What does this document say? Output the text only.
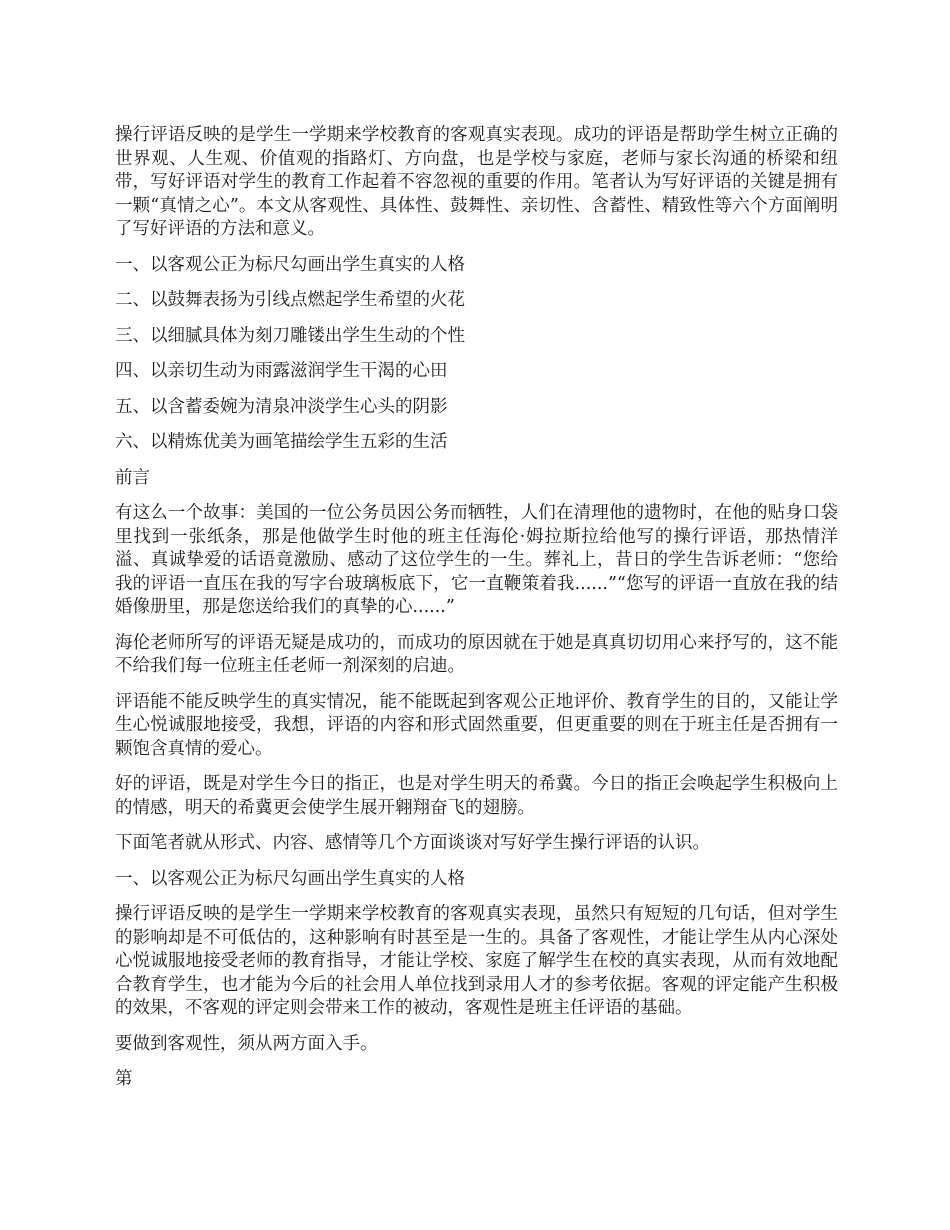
操行评语反映的是学生一学期来学校教育的客观真实表现。成功的评语是帮助学生树立正确的世界观、人生观、价值观的指路灯、方向盘，也是学校与家庭，老师与家长沟通的桥梁和纽带，写好评语对学生的教育工作起着不容忽视的重要的作用。笔者认为写好评语的关键是拥有一颗“真情之心”。本文从客观性、具体性、鼓舞性、亲切性、含蓄性、精致性等六个方面阐明了写好评语的方法和意义。

一、以客观公正为标尺勾画出学生真实的人格

二、以鼓舞表扬为引线点燃起学生希望的火花

三、以细腻具体为刻刀雕镂出学生生动的个性

四、以亲切生动为雨露滋润学生干渴的心田

五、以含蓄委婉为清泉冲淡学生心头的阴影

六、以精炼优美为画笔描绘学生五彩的生活

前言

有这么一个故事：美国的一位公务员因公务而牺牲，人们在清理他的遗物时，在他的贴身口袋里找到一张纸条，那是他做学生时他的班主任海伦·姆拉斯拉给他写的操行评语，那热情洋溢、真诚挚爱的话语竟激励、感动了这位学生的一生。葬礼上，昔日的学生告诉老师：“您给我的评语一直压在我的写字台玻璃板底下，它一直鞭策着我......”“您写的评语一直放在我的结婚像册里，那是您送给我们的真挚的心......”

海伦老师所写的评语无疑是成功的，而成功的原因就在于她是真真切切用心来抒写的，这不能不给我们每一位班主任老师一剂深刻的启迪。

评语能不能反映学生的真实情况，能不能既起到客观公正地评价、教育学生的目的，又能让学生心悦诚服地接受，我想，评语的内容和形式固然重要，但更重要的则在于班主任是否拥有一颗饱含真情的爱心。

好的评语，既是对学生今日的指正，也是对学生明天的希冀。今日的指正会唤起学生积极向上的情感，明天的希冀更会使学生展开翱翔奋飞的翅膀。

下面笔者就从形式、内容、感情等几个方面谈谈对写好学生操行评语的认识。

一、以客观公正为标尺勾画出学生真实的人格

操行评语反映的是学生一学期来学校教育的客观真实表现，虽然只有短短的几句话，但对学生的影响却是不可低估的，这种影响有时甚至是一生的。具备了客观性，才能让学生从内心深处心悦诚服地接受老师的教育指导，才能让学校、家庭了解学生在校的真实表现，从而有效地配合教育学生，也才能为今后的社会用人单位找到录用人才的参考依据。客观的评定能产生积极的效果，不客观的评定则会带来工作的被动，客观性是班主任评语的基础。

要做到客观性，须从两方面入手。

第
